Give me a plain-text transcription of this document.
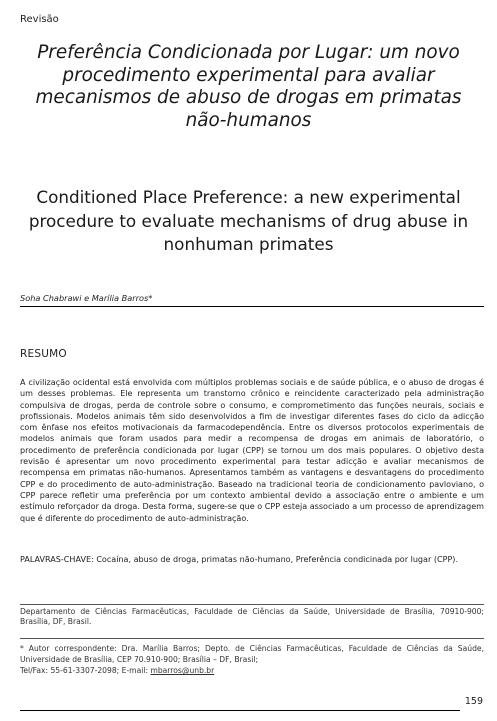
Revisão
Preferência Condicionada por Lugar: um novo procedimento experimental para avaliar mecanismos de abuso de drogas em primatas não-humanos
Conditioned Place Preference: a new experimental procedure to evaluate mechanisms of drug abuse in nonhuman primates
Soha Chabrawi e Marília Barros*
RESUMO
A civilização ocidental está envolvida com múltiplos problemas sociais e de saúde pública, e o abuso de drogas é um desses problemas. Ele representa um transtorno crônico e reincidente caracterizado pela administração compulsiva de drogas, perda de controle sobre o consumo, e comprometimento das funções neurais, sociais e profissionais. Modelos animais têm sido desenvolvidos a fim de investigar diferentes fases do ciclo da adicção com ênfase nos efeitos motivacionais da farmacodependência. Entre os diversos protocolos experimentais de modelos animais que foram usados para medir a recompensa de drogas em animais de laboratório, o procedimento de preferência condicionada por lugar (CPP) se tornou um dos mais populares. O objetivo desta revisão é apresentar um novo procedimento experimental para testar adicção e avaliar mecanismos de recompensa em primatas não-humanos. Apresentamos também as vantagens e desvantagens do procedimento CPP e do procedimento de auto-administração. Baseado na tradicional teoria de condicionamento pavloviano, o CPP parece refletir uma preferência por um contexto ambiental devido a associação entre o ambiente e um estímulo reforçador da droga. Desta forma, sugere-se que o CPP esteja associado a um processo de aprendizagem que é diferente do procedimento de auto-administração.
PALAVRAS-CHAVE: Cocaína, abuso de droga, primatas não-humano, Preferência condicinada por lugar (CPP).
Departamento de Ciências Farmacêuticas, Faculdade de Ciências da Saúde, Universidade de Brasília, 70910-900; Brasília, DF, Brasil.
* Autor correspondente: Dra. Marília Barros; Depto. de Ciências Farmacêuticas, Faculdade de Ciências da Saúde, Universidade de Brasília, CEP 70.910-900; Brasília – DF, Brasil;
Tel/Fax: 55-61-3307-2098; E-mail: mbarros@unb.br
159
